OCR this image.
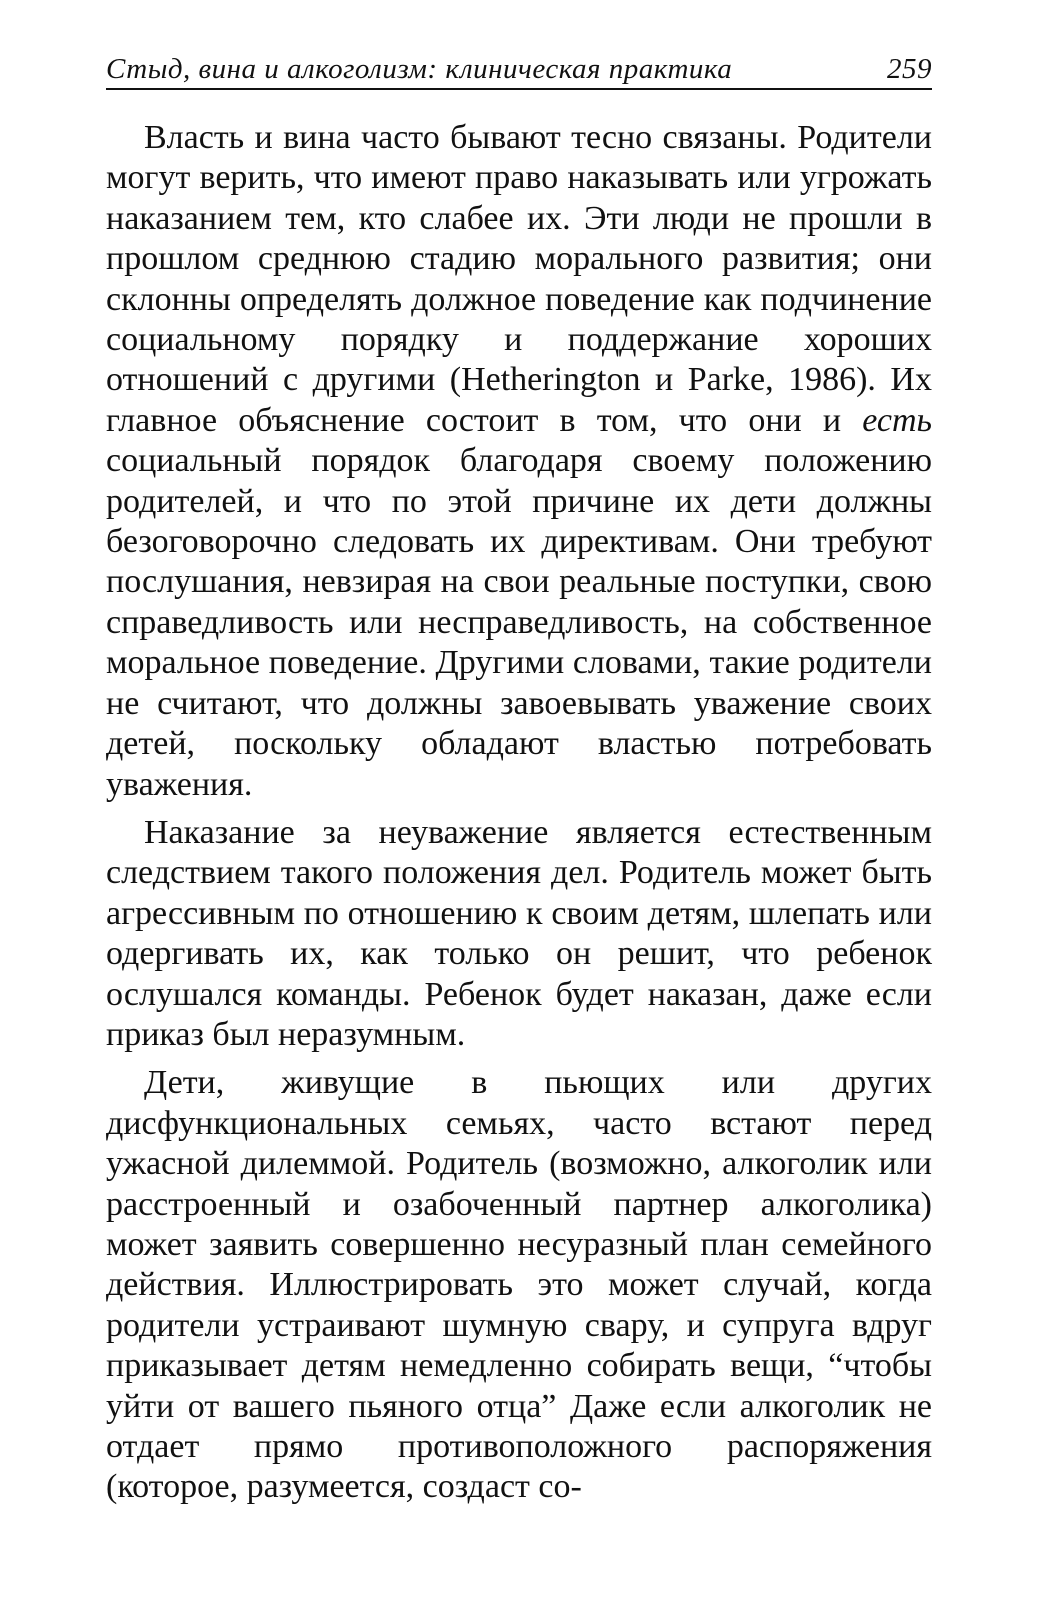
Стыд, вина и алкоголизм: клиническая практика	259

Власть и вина часто бывают тесно связаны. Родители могут верить, что имеют право наказывать или угрожать наказанием тем, кто слабее их. Эти люди не прошли в прошлом среднюю стадию морального развития; они склонны определять должное поведение как подчинение социальному порядку и поддержание хороших отношений с другими (Hetherington и Parke, 1986). Их главное объяснение состоит в том, что они и есть социальный порядок благодаря своему положению родителей, и что по этой причине их дети должны безоговорочно следовать их директивам. Они требуют послушания, невзирая на свои реальные поступки, свою справедливость или несправедливость, на собственное моральное поведение. Другими словами, такие родители не считают, что должны завоевывать уважение своих детей, поскольку обладают властью потребовать уважения.

Наказание за неуважение является естественным следствием такого положения дел. Родитель может быть агрессивным по отношению к своим детям, шлепать или одергивать их, как только он решит, что ребенок ослушался команды. Ребенок будет наказан, даже если приказ был неразумным.

Дети, живущие в пьющих или других дисфункциональных семьях, часто встают перед ужасной дилеммой. Родитель (возможно, алкоголик или расстроенный и озабоченный партнер алкоголика) может заявить совершенно несуразный план семейного действия. Иллюстрировать это может случай, когда родители устраивают шумную свару, и супруга вдруг приказывает детям немедленно собирать вещи, “чтобы уйти от вашего пьяного отца” Даже если алкоголик не отдает прямо противоположного распоряжения (которое, разумеется, создаст со-
